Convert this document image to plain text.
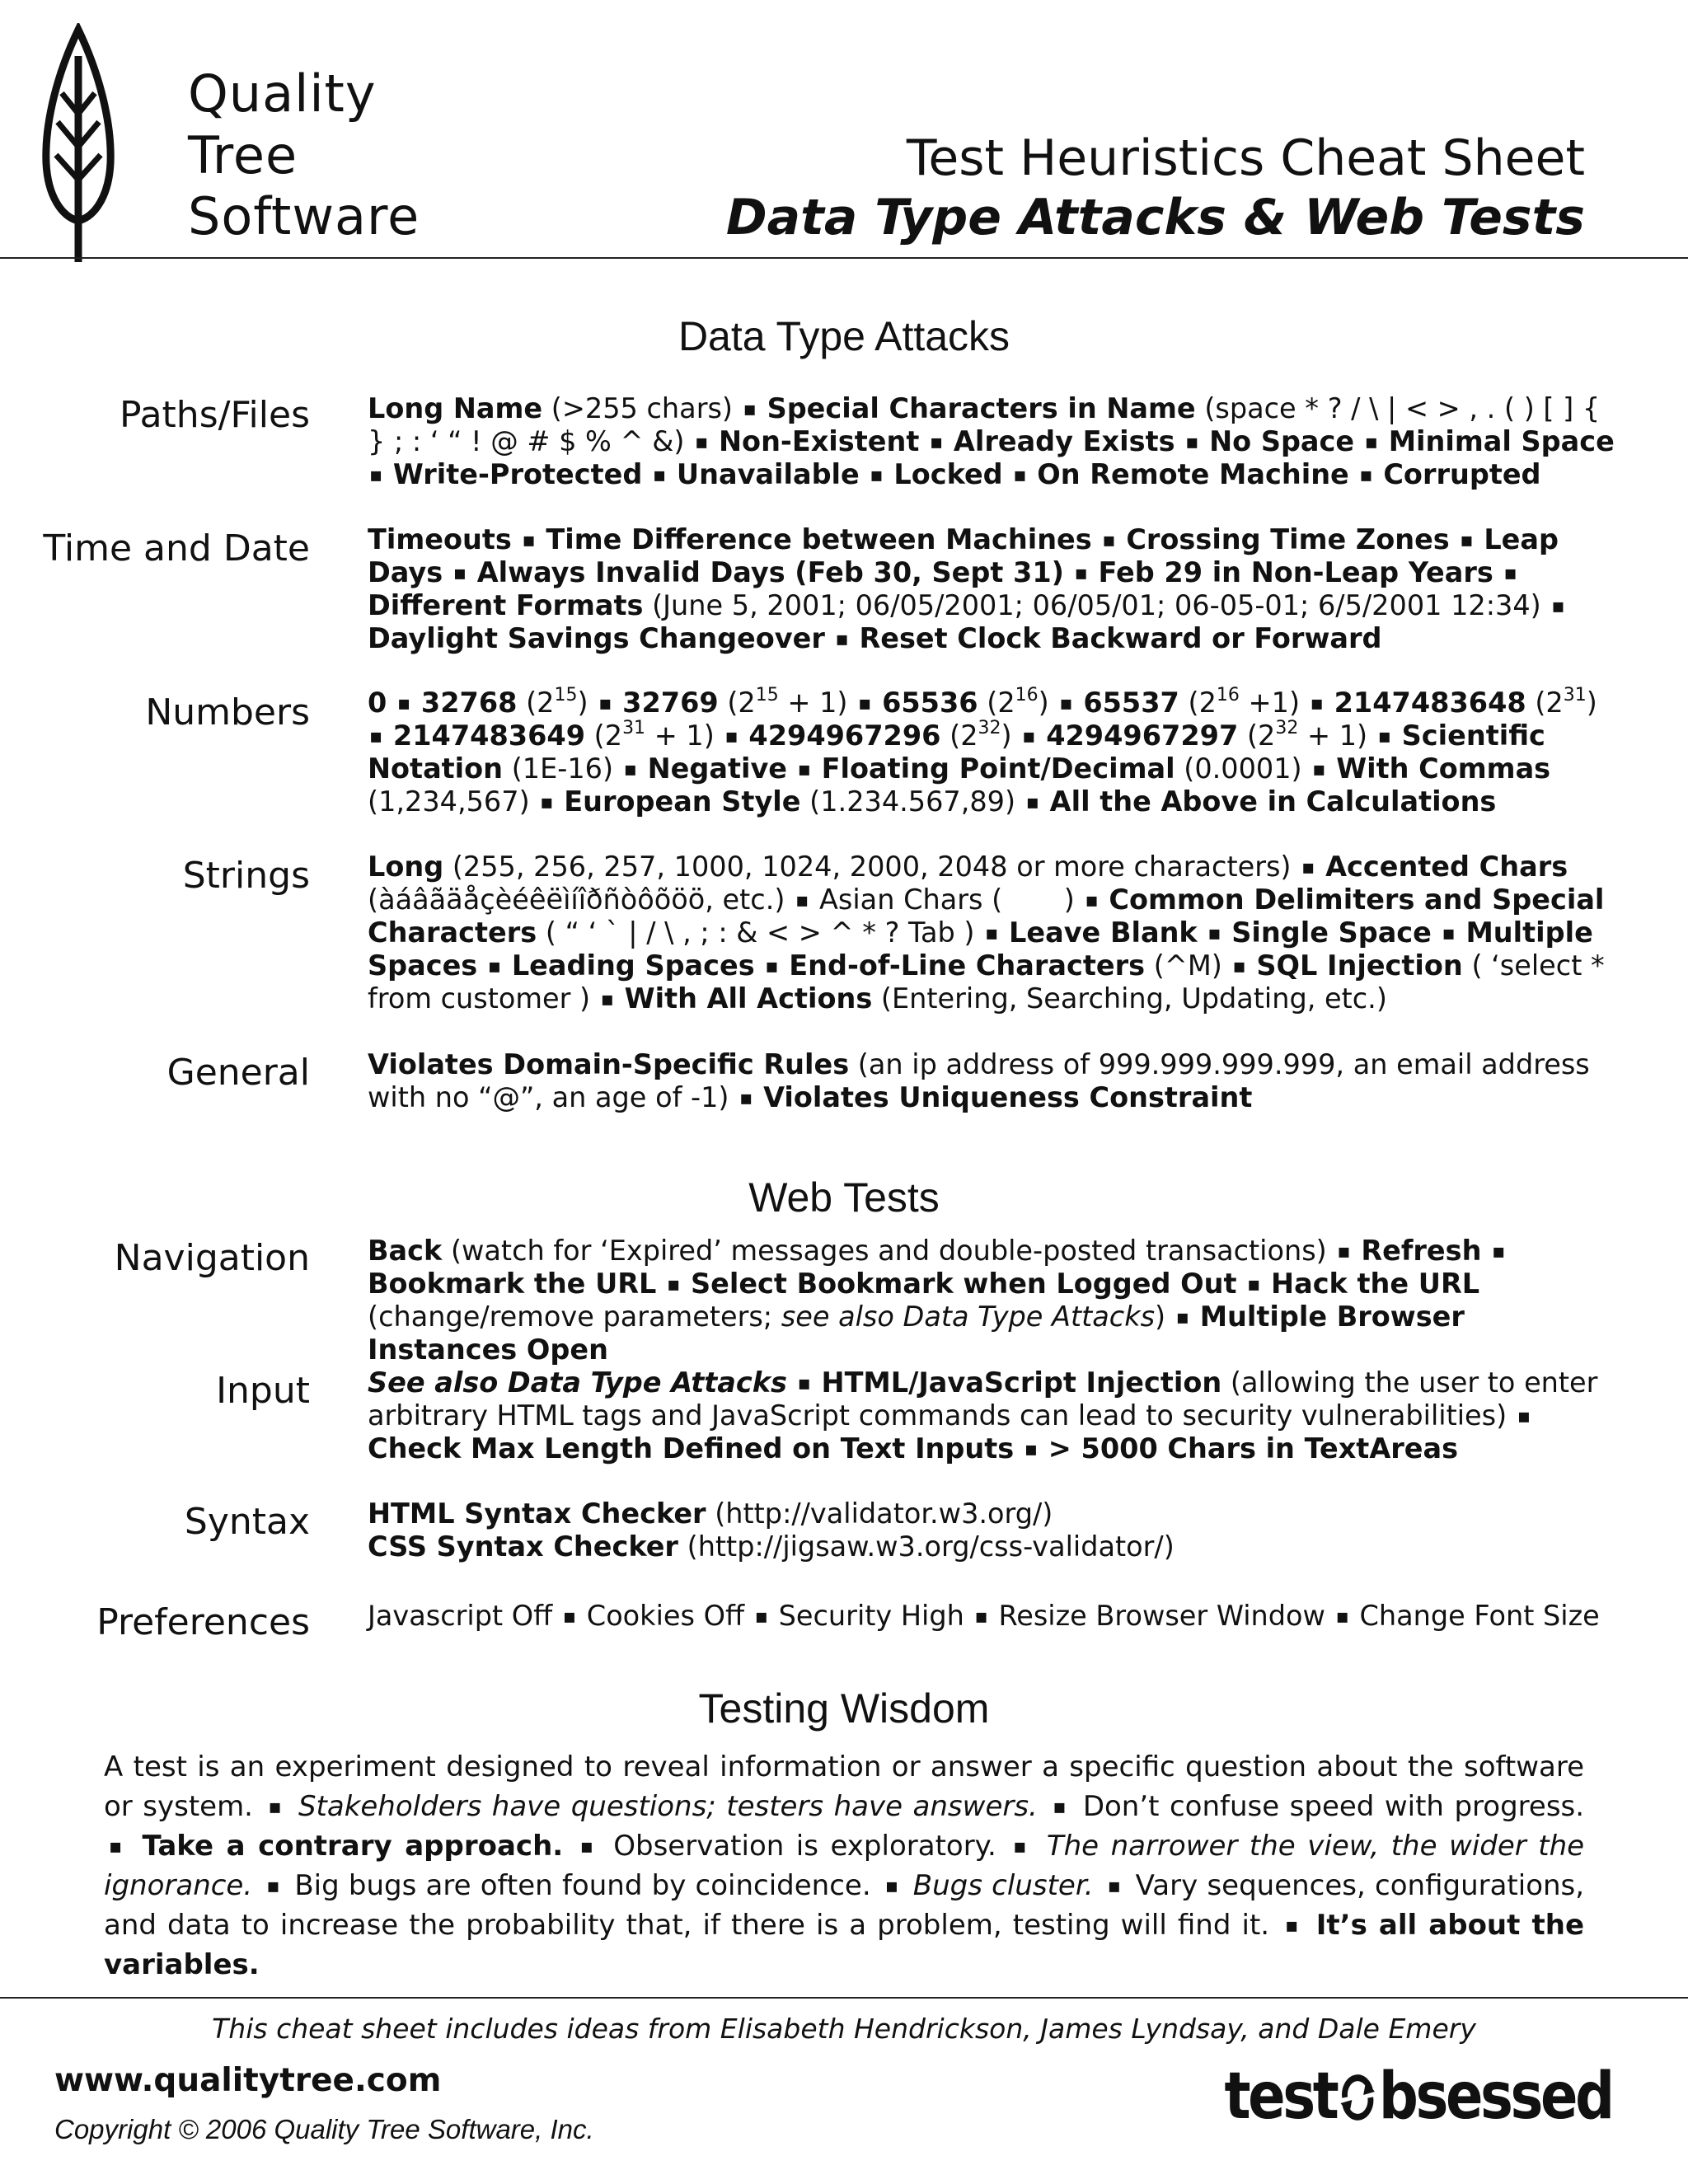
Quality
Tree
Software
Test Heuristics Cheat Sheet
Data Type Attacks & Web Tests
Data Type Attacks
Paths/Files Long Name (>255 chars) ▪ Special Characters in Name (space * ? / \ | < > , . ( ) [ ] { } ; : ‘ “ ! @ # $ % ^ &) ▪ Non-Existent ▪ Already Exists ▪ No Space ▪ Minimal Space ▪ Write-Protected ▪ Unavailable ▪ Locked ▪ On Remote Machine ▪ Corrupted
Time and Date Timeouts ▪ Time Difference between Machines ▪ Crossing Time Zones ▪ Leap Days ▪ Always Invalid Days (Feb 30, Sept 31) ▪ Feb 29 in Non-Leap Years ▪ Different Formats (June 5, 2001; 06/05/2001; 06/05/01; 06-05-01; 6/5/2001 12:34) ▪ Daylight Savings Changeover ▪ Reset Clock Backward or Forward
Numbers 0 ▪ 32768 $(2^{15})$ ▪ 32769 $(2^{15} + 1)$ ▪ 65536 $(2^{16})$ ▪ 65537 $(2^{16} +1)$ ▪ 2147483648 $(2^{31})$ ▪ 2147483649 $(2^{31} + 1)$ ▪ 4294967296 $(2^{32})$ ▪ 4294967297 $(2^{32} + 1)$ ▪ Scientific Notation (1E-16) ▪ Negative ▪ Floating Point/Decimal (0.0001) ▪ With Commas (1,234,567) ▪ European Style (1.234.567,89) ▪ All the Above in Calculations
Strings Long (255, 256, 257, 1000, 1024, 2000, 2048 or more characters) ▪ Accented Chars (àáâãäåçèéêëìíîðñòôõöö, etc.) ▪ Asian Chars (       ) ▪ Common Delimiters and Special Characters ( “ ‘ ` | / \ , ; : & < > ^ * ? Tab ) ▪ Leave Blank ▪ Single Space ▪ Multiple Spaces ▪ Leading Spaces ▪ End-of-Line Characters (^M) ▪ SQL Injection ( ‘select * from customer ) ▪ With All Actions (Entering, Searching, Updating, etc.)
General Violates Domain-Specific Rules (an ip address of 999.999.999.999, an email address with no “@”, an age of -1) ▪ Violates Uniqueness Constraint
Web Tests
Navigation Back (watch for ‘Expired’ messages and double-posted transactions) ▪ Refresh ▪ Bookmark the URL ▪ Select Bookmark when Logged Out ▪ Hack the URL (change/remove parameters; see also Data Type Attacks) ▪ Multiple Browser Instances Open
Input See also Data Type Attacks ▪ HTML/JavaScript Injection (allowing the user to enter arbitrary HTML tags and JavaScript commands can lead to security vulnerabilities) ▪ Check Max Length Defined on Text Inputs ▪ > 5000 Chars in TextAreas
Syntax HTML Syntax Checker (http://validator.w3.org/)
CSS Syntax Checker (http://jigsaw.w3.org/css-validator/)
Preferences Javascript Off ▪ Cookies Off ▪ Security High ▪ Resize Browser Window ▪ Change Font Size
Testing Wisdom
A test is an experiment designed to reveal information or answer a specific question about the software or system. ▪ Stakeholders have questions; testers have answers. ▪ Don’t confuse speed with progress. ▪ Take a contrary approach. ▪ Observation is exploratory. ▪ The narrower the view, the wider the ignorance. ▪ Big bugs are often found by coincidence. ▪ Bugs cluster. ▪ Vary sequences, configurations, and data to increase the probability that, if there is a problem, testing will find it. ▪ It’s all about the variables.
This cheat sheet includes ideas from Elisabeth Hendrickson, James Lyndsay, and Dale Emery
www.qualitytree.com
Copyright © 2006 Quality Tree Software, Inc.	test bsessed
